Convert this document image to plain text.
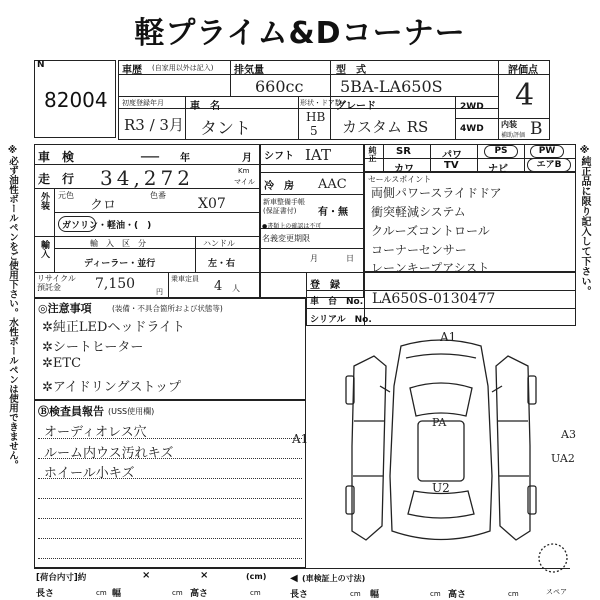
軽プライム&Dコーナー
※必ず油性ボールペンをご使用下さい。水性ボールペンは使用できません。	※純正品に限り記入して下さい。
N
82004
車歴 (自家用以外は記入) 排気量
660cc
型　式
5BA-LA650S
評価点
4
初度登録年月
R3 / 3月
車　名
タント
形状・ドア数
HB
5
グレード
カスタム RS
2WD
4WD 内装
補助評価 B
車　検	— 年	月
走　行 34,272	Km
マイル
外装 元色
クロ
色番
X07
ガソリン・軽油・(　)
輸入	輸　入　区　分	ハンドル
ディーラー・並行	左・右
リサイクル
預託金	7,150	円
乗車定員 4 人
シフト IAT
冷　房 AAC
新車整備手帳
(保証書付)	有・無
●書類上の確認は不可
名義変更期限
月	日
純正 SR	パワ	PS	PW
カワ	TV	ナビ	エアB
セールスポイント
両側パワースライドドア
衝突軽減システム
クルーズコントロール
コーナーセンサー
レーンキープアシスト
登　録
車　台　No. LA650S-0130477
シリアル　No.
◎注意事項	(装備・不具合箇所および状態等)
✲純正LEDヘッドライト
✲シートヒーター
✲ETC
✲アイドリングストップ
Ⓑ検査員報告 (USS使用欄)
オーディオレス穴
ルーム内ウス汚れキズ
ホイール小キズ
A1
A1	A3
UA2
U2
PA
スペア
[荷台内寸]約	×	×	(cm)
長さ	cm 幅	cm 高さ	cm
◀ (車検証上の寸法)
長さ	cm 幅	cm 高さ	cm
